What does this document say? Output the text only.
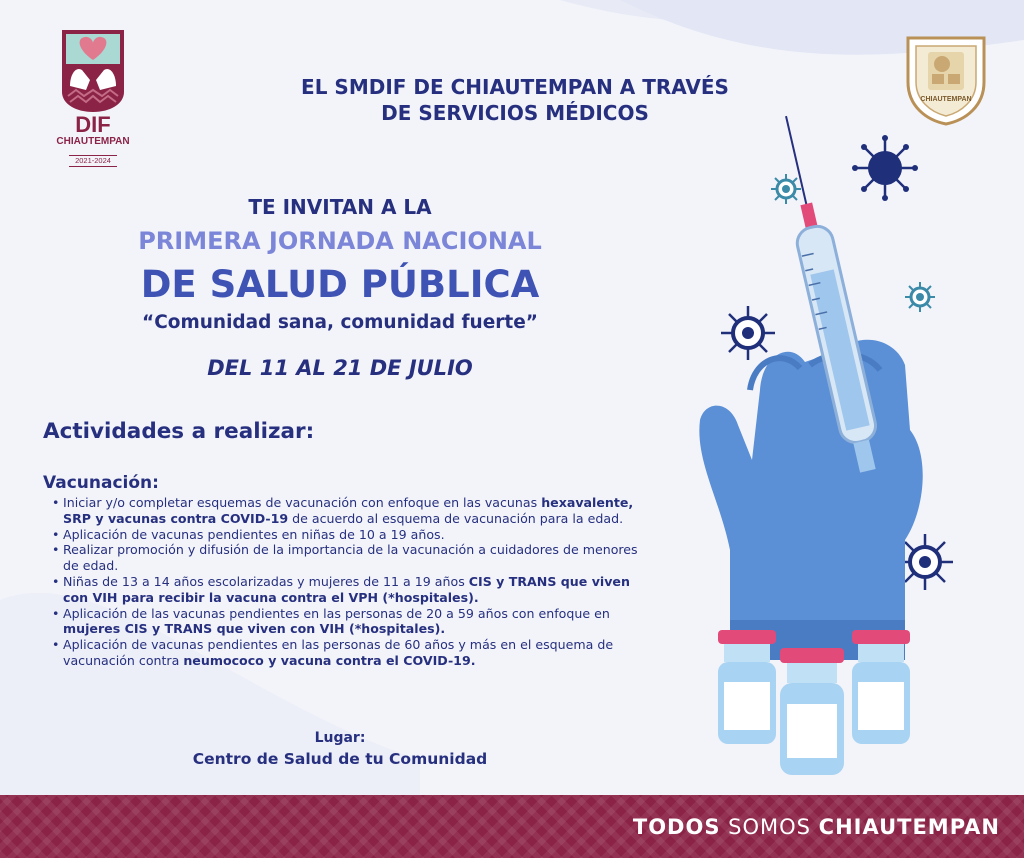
DIF
CHIAUTEMPAN
2021-2024
CHIAUTEMPAN
EL SMDIF DE CHIAUTEMPAN A TRAVÉS
DE SERVICIOS MÉDICOS
TE INVITAN A LA
PRIMERA JORNADA NACIONAL
DE SALUD PÚBLICA
“Comunidad sana, comunidad fuerte”
DEL 11 AL 21 DE JULIO
Actividades a realizar:
Vacunación:
• Iniciar y/o completar esquemas de vacunación con enfoque en las vacunas hexavalente, SRP y vacunas contra COVID-19 de acuerdo al esquema de vacunación para la edad.
• Aplicación de vacunas pendientes en niñas de 10 a 19 años.
• Realizar promoción y difusión de la importancia de la vacunación a cuidadores de menores de edad.
• Niñas de 13 a 14 años escolarizadas y mujeres de 11 a 19 años CIS y TRANS que viven con VIH para recibir la vacuna contra el VPH (*hospitales).
• Aplicación de las vacunas pendientes en las personas de 20 a 59 años con enfoque en mujeres CIS y TRANS que viven con VIH (*hospitales).
• Aplicación de vacunas pendientes en las personas de 60 años y más en el esquema de vacunación contra neumococo y vacuna contra el COVID-19.
Lugar:
Centro de Salud de tu Comunidad
TODOS SOMOS CHIAUTEMPAN
